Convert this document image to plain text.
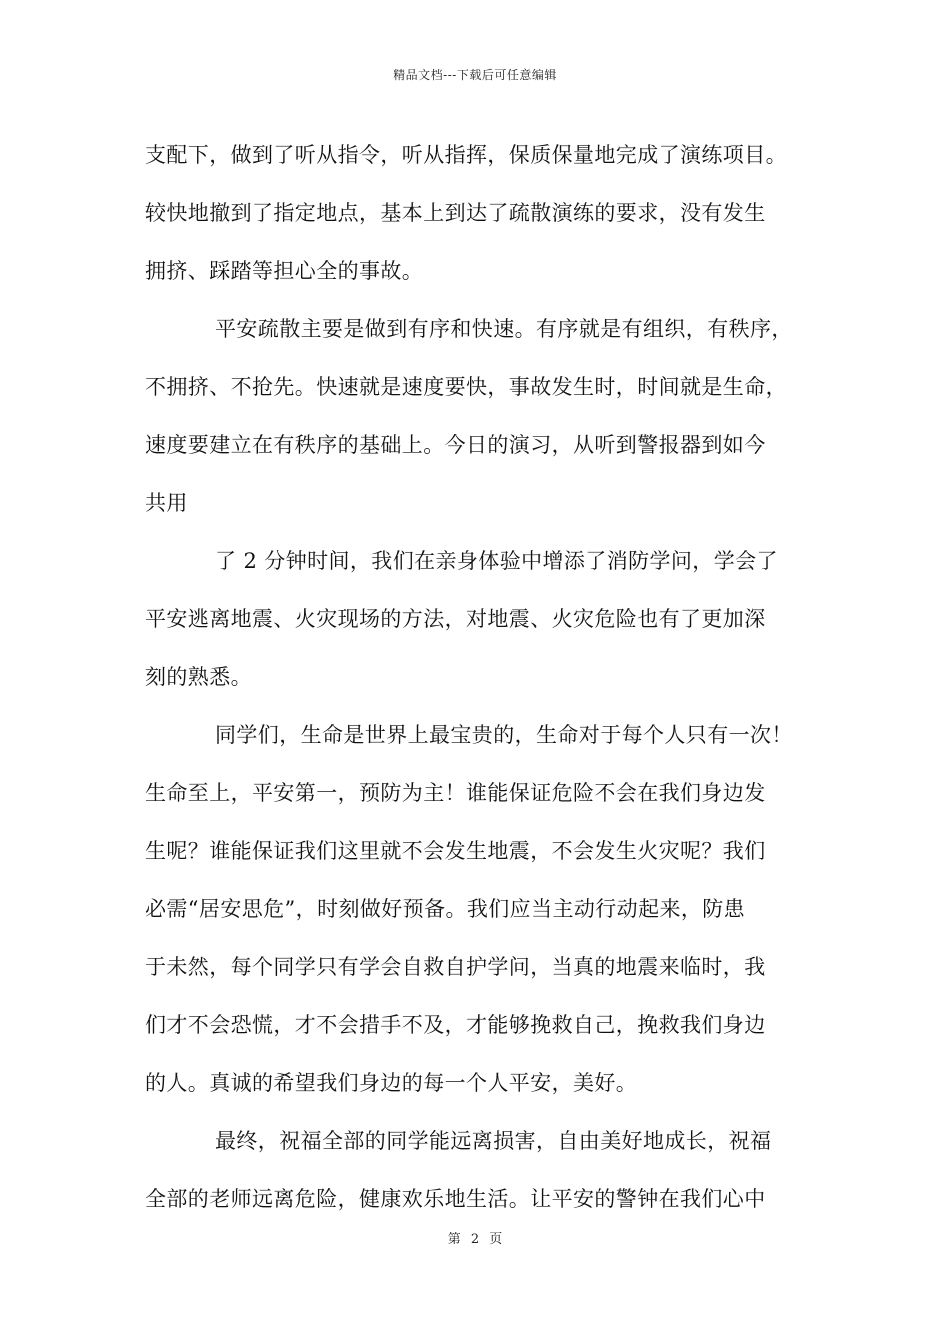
精品文档---下载后可任意编辑
支配下，做到了听从指令，听从指挥，保质保量地完成了演练项目。
较快地撤到了指定地点，基本上到达了疏散演练的要求，没有发生
拥挤、踩踏等担心全的事故。
平安疏散主要是做到有序和快速。有序就是有组织，有秩序，
不拥挤、不抢先。快速就是速度要快，事故发生时，时间就是生命，
速度要建立在有秩序的基础上。今日的演习，从听到警报器到如今
共用
了 2 分钟时间，我们在亲身体验中增添了消防学问，学会了
平安逃离地震、火灾现场的方法，对地震、火灾危险也有了更加深
刻的熟悉。
同学们，生命是世界上最宝贵的，生命对于每个人只有一次！
生命至上，平安第一，预防为主！谁能保证危险不会在我们身边发
生呢？谁能保证我们这里就不会发生地震，不会发生火灾呢？我们
必需“居安思危”，时刻做好预备。我们应当主动行动起来，防患
于未然，每个同学只有学会自救自护学问，当真的地震来临时，我
们才不会恐慌，才不会措手不及，才能够挽救自己，挽救我们身边
的人。真诚的希望我们身边的每一个人平安，美好。
最终，祝福全部的同学能远离损害，自由美好地成长，祝福
全部的老师远离危险，健康欢乐地生活。让平安的警钟在我们心中
第 2 页
